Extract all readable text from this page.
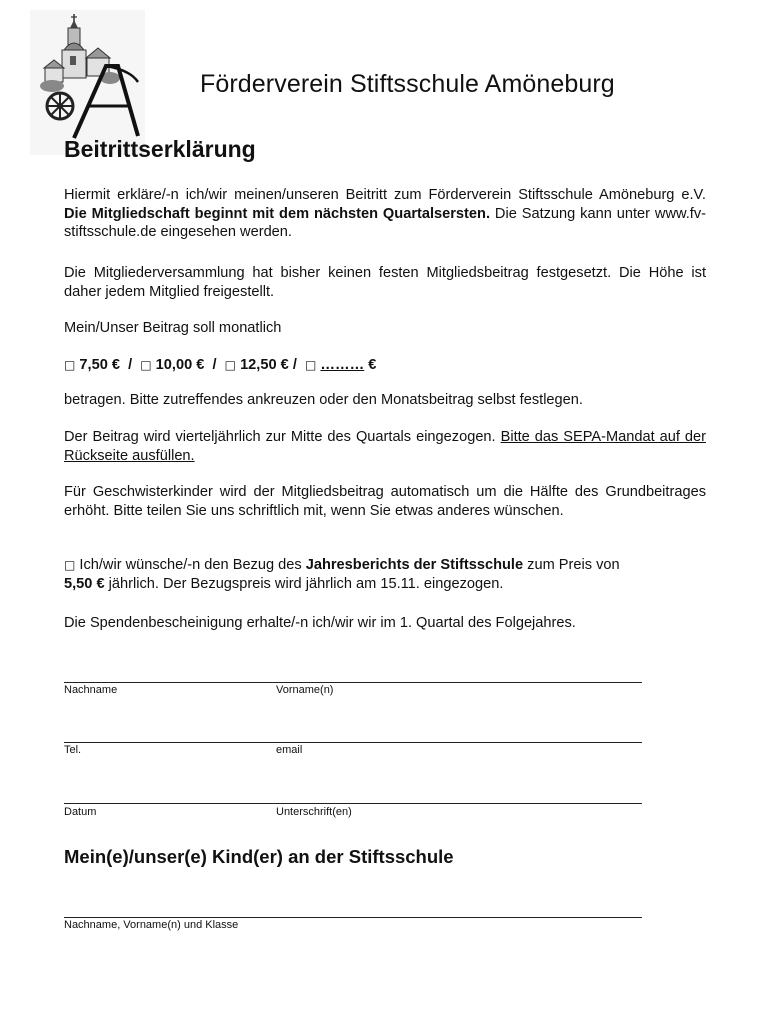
Förderverein Stiftsschule Amöneburg
Beitrittserklärung
Hiermit erkläre/-n ich/wir meinen/unseren Beitritt zum Förderverein Stiftsschule Amöneburg e.V. Die Mitgliedschaft beginnt mit dem nächsten Quartalsersten. Die Satzung kann unter www.fv-stiftsschule.de eingesehen werden.
Die Mitgliederversammlung hat bisher keinen festen Mitgliedsbeitrag festgesetzt. Die Höhe ist daher jedem Mitglied freigestellt.
Mein/Unser Beitrag soll monatlich
□ 7,50 € / □ 10,00 € / □ 12,50 € / □ ……… €
betragen. Bitte zutreffendes ankreuzen oder den Monatsbeitrag selbst festlegen.
Der Beitrag wird vierteljährlich zur Mitte des Quartals eingezogen. Bitte das SEPA-Mandat auf der Rückseite ausfüllen.
Für Geschwisterkinder wird der Mitgliedsbeitrag automatisch um die Hälfte des Grundbeitrages erhöht. Bitte teilen Sie uns schriftlich mit, wenn Sie etwas anderes wünschen.
□ Ich/wir wünsche/-n den Bezug des Jahresberichts der Stiftsschule zum Preis von
5,50 € jährlich. Der Bezugspreis wird jährlich am 15.11. eingezogen.
Die Spendenbescheinigung erhalte/-n ich/wir wir im 1. Quartal des Folgejahres.
Nachname	Vorname(n)
Tel.	email
Datum	Unterschrift(en)
Mein(e)/unser(e) Kind(er) an der Stiftsschule
Nachname, Vorname(n) und Klasse
